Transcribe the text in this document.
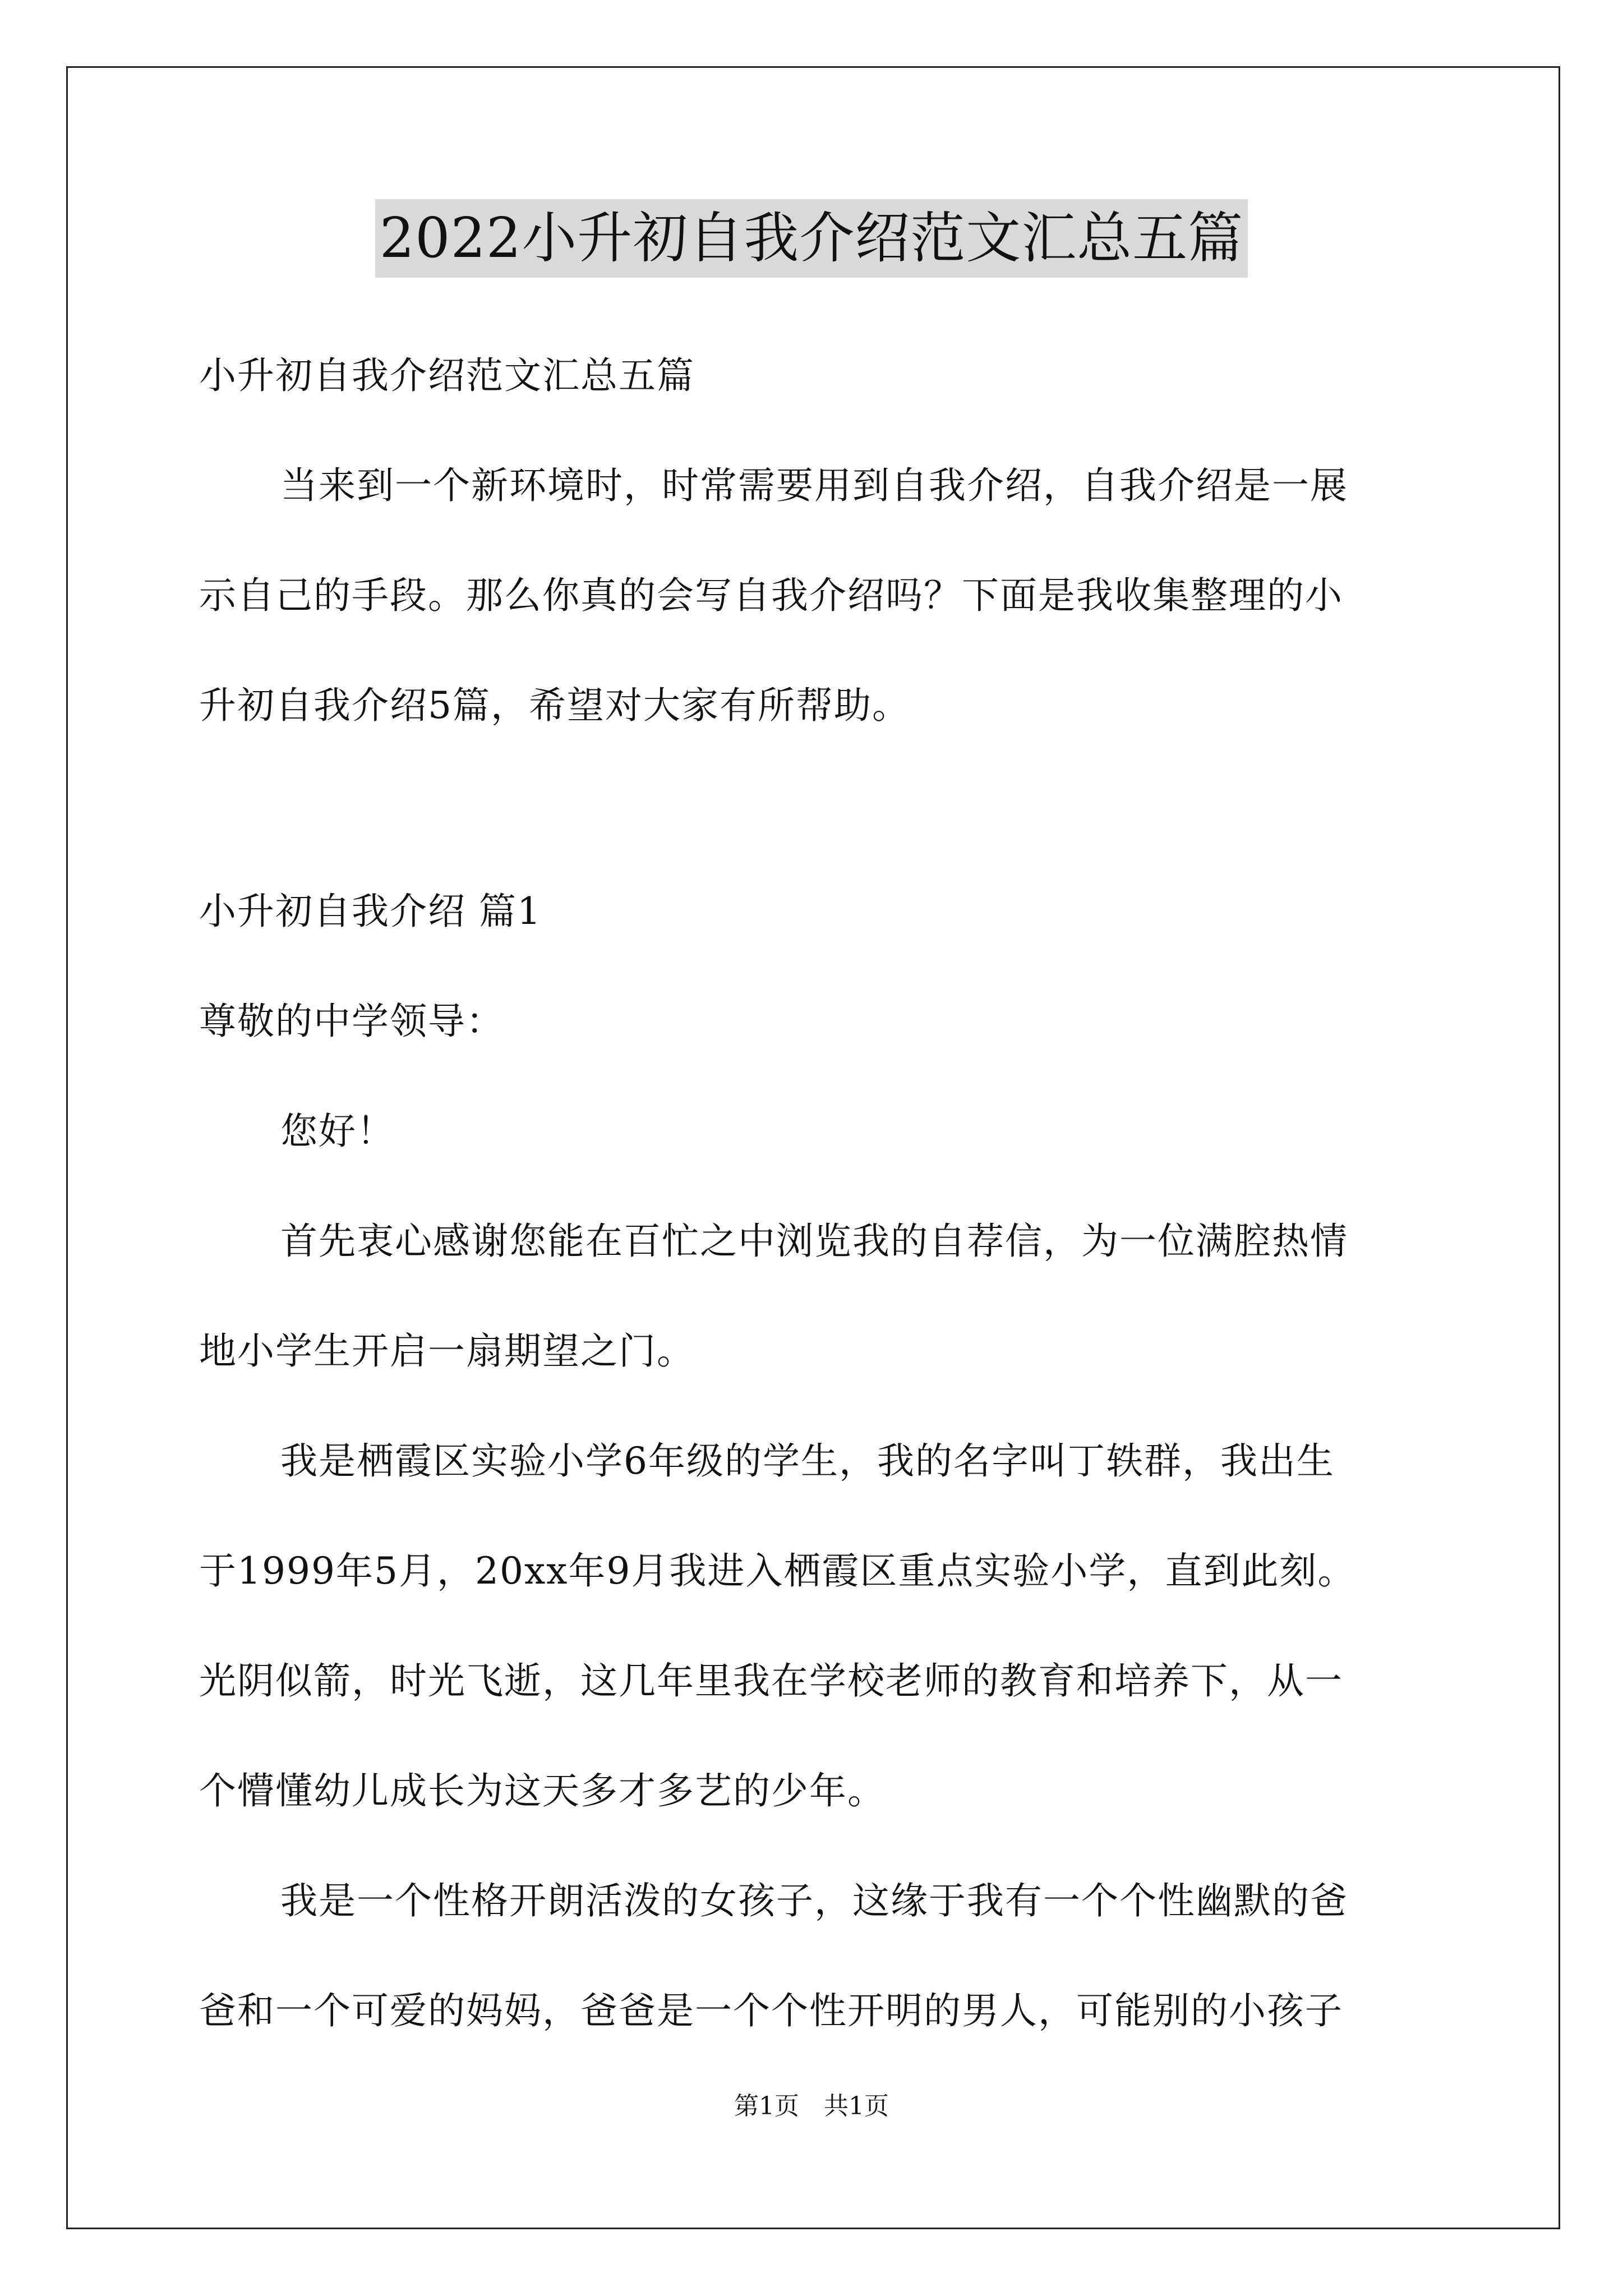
2022小升初自我介绍范文汇总五篇
小升初自我介绍范文汇总五篇
当来到一个新环境时，时常需要用到自我介绍，自我介绍是一展
示自己的手段。那么你真的会写自我介绍吗？下面是我收集整理的小
升初自我介绍5篇，希望对大家有所帮助。
小升初自我介绍 篇1
尊敬的中学领导：
您好！
首先衷心感谢您能在百忙之中浏览我的自荐信，为一位满腔热情
地小学生开启一扇期望之门。
我是栖霞区实验小学6年级的学生，我的名字叫丁轶群，我出生
于1999年5月，20xx年9月我进入栖霞区重点实验小学，直到此刻。
光阴似箭，时光飞逝，这几年里我在学校老师的教育和培养下，从一
个懵懂幼儿成长为这天多才多艺的少年。
我是一个性格开朗活泼的女孩子，这缘于我有一个个性幽默的爸
爸和一个可爱的妈妈，爸爸是一个个性开明的男人，可能别的小孩子
第1页　共1页
